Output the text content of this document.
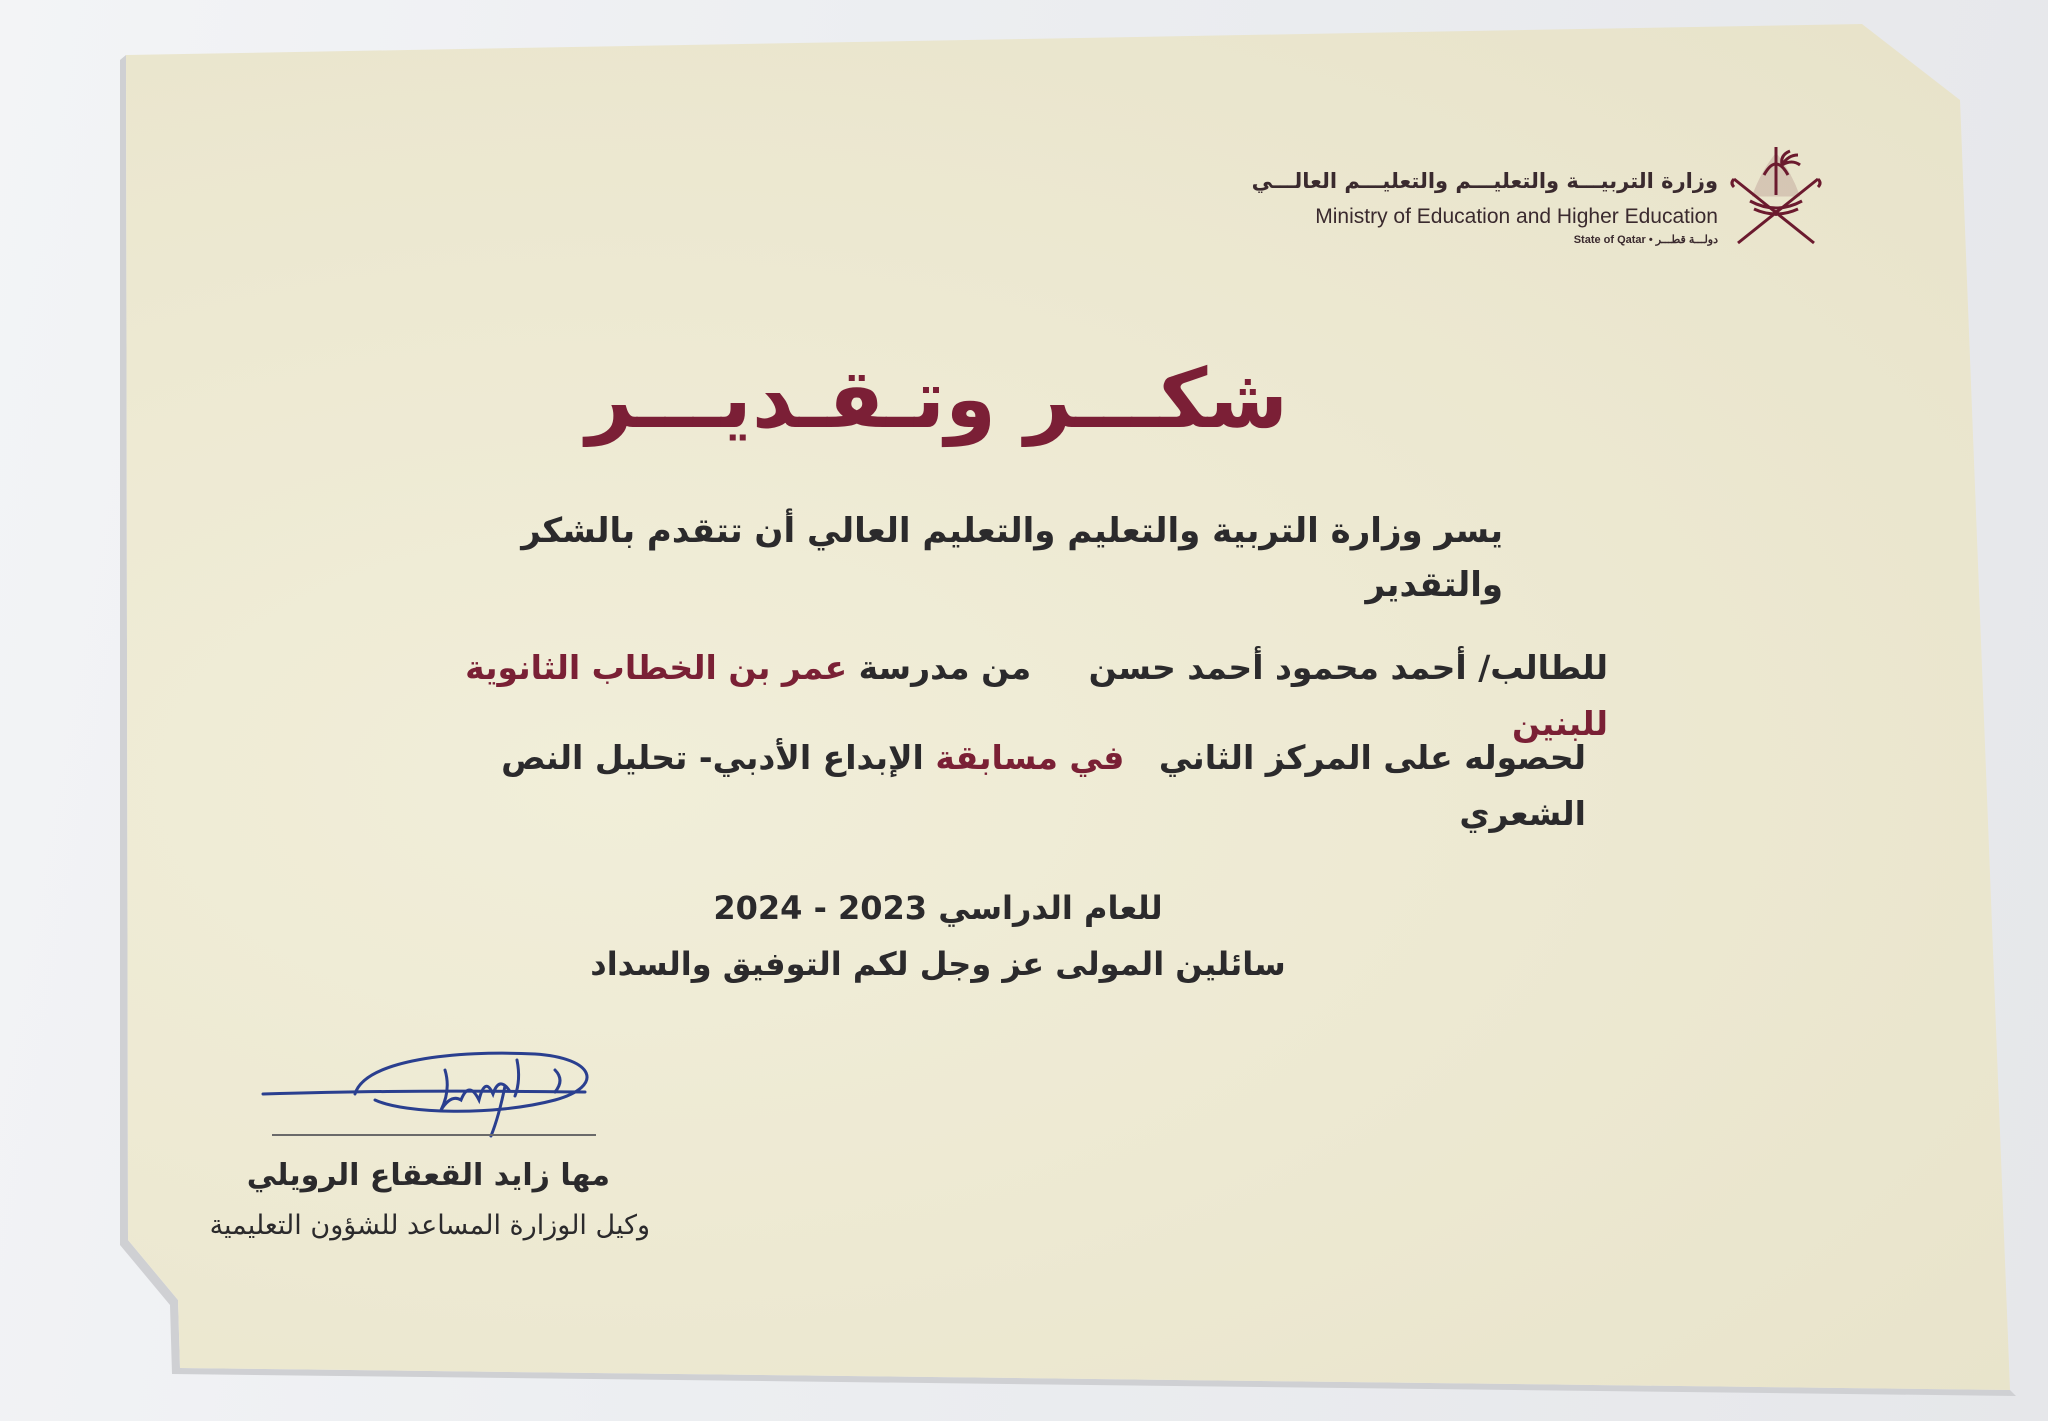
وزارة التربيـــة والتعليـــم والتعليـــم العالـــي
Ministry of Education and Higher Education
State of Qatar • دولـــة قطـــر
شكـــر وتـقـديـــر
يسر وزارة التربية والتعليم والتعليم العالي أن تتقدم بالشكر والتقدير
للطالب/ أحمد محمود أحمد حسن     من مدرسة عمر بن الخطاب الثانوية للبنين
لحصوله على المركز الثاني   في مسابقة الإبداع الأدبي- تحليل النص الشعري
للعام الدراسي 2023 - 2024
سائلين المولى عز وجل لكم التوفيق والسداد
مها زايد القعقاع الرويلي
وكيل الوزارة المساعد للشؤون التعليمية
